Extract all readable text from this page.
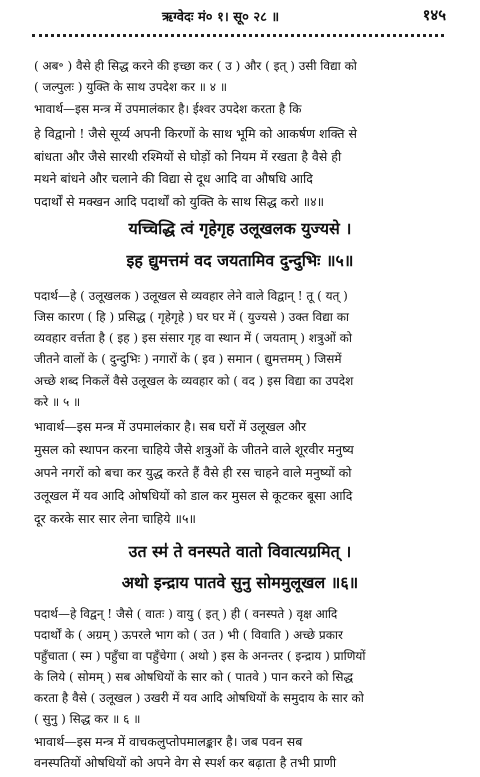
ऋग्वेदः मं० १। सू० २८ ॥	१४५
( अब॰ ) वैसे ही सिद्ध करने की इच्छा कर ( उ ) और ( इत् ) उसी विद्या को
( जल्पुलः ) युक्ति के साथ उपदेश कर ॥ ४ ॥
भावार्थ—इस मन्त्र में उपमालंकार है। ईश्वर उपदेश करता है कि
हे विद्वानो ! जैसे सूर्य्य अपनी किरणों के साथ भूमि को आकर्षण शक्ति से
बांधता और जैसे सारथी रश्मियों से घोड़ों को नियम में रखता है वैसे ही
मथने बांधने और चलाने की विद्या से दूध आदि वा औषधि आदि
पदार्थों से मक्खन आदि पदार्थों को युक्ति के साथ सिद्ध करो ॥४॥
यच्चिद्धि त्वं गृहेगृह उलूखलक युज्यसे ।
इह द्युमत्तमं वद जयतामिव दुन्दुभिः ॥५॥
पदार्थ—हे ( उलूखलक ) उलूखल से व्यवहार लेने वाले विद्वान् ! तू ( यत् )
जिस कारण ( हि ) प्रसिद्ध ( गृहेगृहे ) घर घर में ( युज्यसे ) उक्त विद्या का
व्यवहार वर्त्तता है ( इह ) इस संसार गृह वा स्थान में ( जयताम् ) शत्रुओं को
जीतने वालों के ( दुन्दुभिः ) नगारों के ( इव ) समान ( द्युमत्तमम् ) जिसमें
अच्छे शब्द निकलें वैसे उलूखल के व्यवहार को ( वद ) इस विद्या का उपदेश
करे ॥ ५ ॥
भावार्थ—इस मन्त्र में उपमालंकार है। सब घरों में उलूखल और
मुसल को स्थापन करना चाहिये जैसे शत्रुओं के जीतने वाले शूरवीर मनुष्य
अपने नगरों को बचा कर युद्ध करते हैं वैसे ही रस चाहने वाले मनुष्यों को
उलूखल में यव आदि ओषधियों को डाल कर मुसल से कूटकर बूसा आदि
दूर करके सार सार लेना चाहिये ॥५॥
उत स्म॑ ते वनस्पते वातो विवात्यग्रमित् ।
अथो इन्द्राय पातवे सुनु सोममुलूखल ॥६॥
पदार्थ—हे विद्वन् ! जैसे ( वातः ) वायु ( इत् ) ही ( वनस्पते ) वृक्ष आदि
पदार्थों के ( अग्रम् ) ऊपरले भाग को ( उत ) भी ( विवाति ) अच्छे प्रकार
पहुँचाता ( स्म ) पहुँचा वा पहुँचेगा ( अथो ) इस के अनन्तर ( इन्द्राय ) प्राणियों
के लिये ( सोमम् ) सब ओषधियों के सार को ( पातवे ) पान करने को सिद्ध
करता है वैसे ( उलूखल ) उखरी में यव आदि ओषधियों के समुदाय के सार को
( सुनु ) सिद्ध कर ॥ ६ ॥
भावार्थ—इस मन्त्र में वाचकलुप्तोपमालङ्कार है। जब पवन सब
वनस्पतियों ओषधियों को अपने वेग से स्पर्श कर बढ़ाता है तभी प्राणी
